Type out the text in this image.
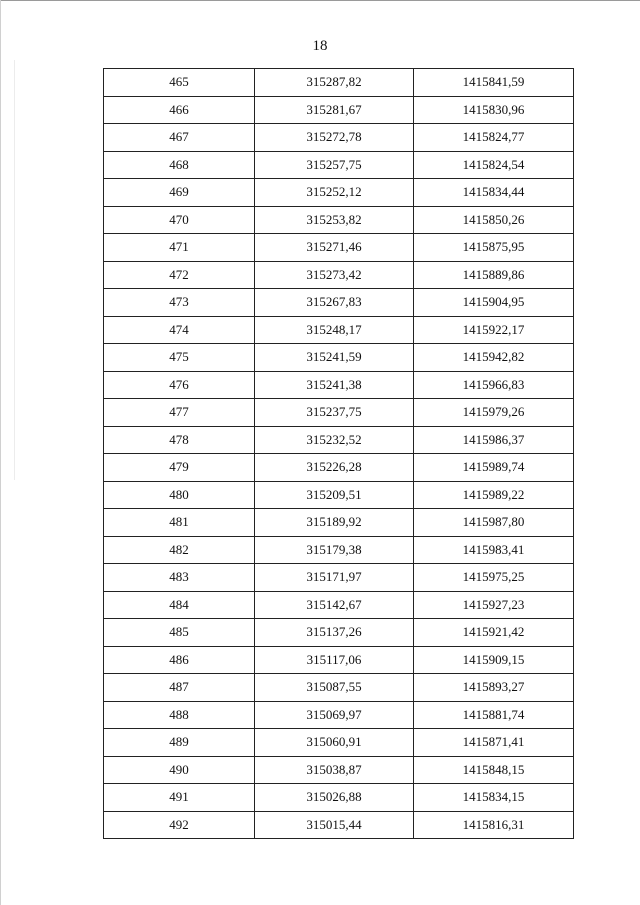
18
465	315287,82	1415841,59
466	315281,67	1415830,96
467	315272,78	1415824,77
468	315257,75	1415824,54
469	315252,12	1415834,44
470	315253,82	1415850,26
471	315271,46	1415875,95
472	315273,42	1415889,86
473	315267,83	1415904,95
474	315248,17	1415922,17
475	315241,59	1415942,82
476	315241,38	1415966,83
477	315237,75	1415979,26
478	315232,52	1415986,37
479	315226,28	1415989,74
480	315209,51	1415989,22
481	315189,92	1415987,80
482	315179,38	1415983,41
483	315171,97	1415975,25
484	315142,67	1415927,23
485	315137,26	1415921,42
486	315117,06	1415909,15
487	315087,55	1415893,27
488	315069,97	1415881,74
489	315060,91	1415871,41
490	315038,87	1415848,15
491	315026,88	1415834,15
492	315015,44	1415816,31
